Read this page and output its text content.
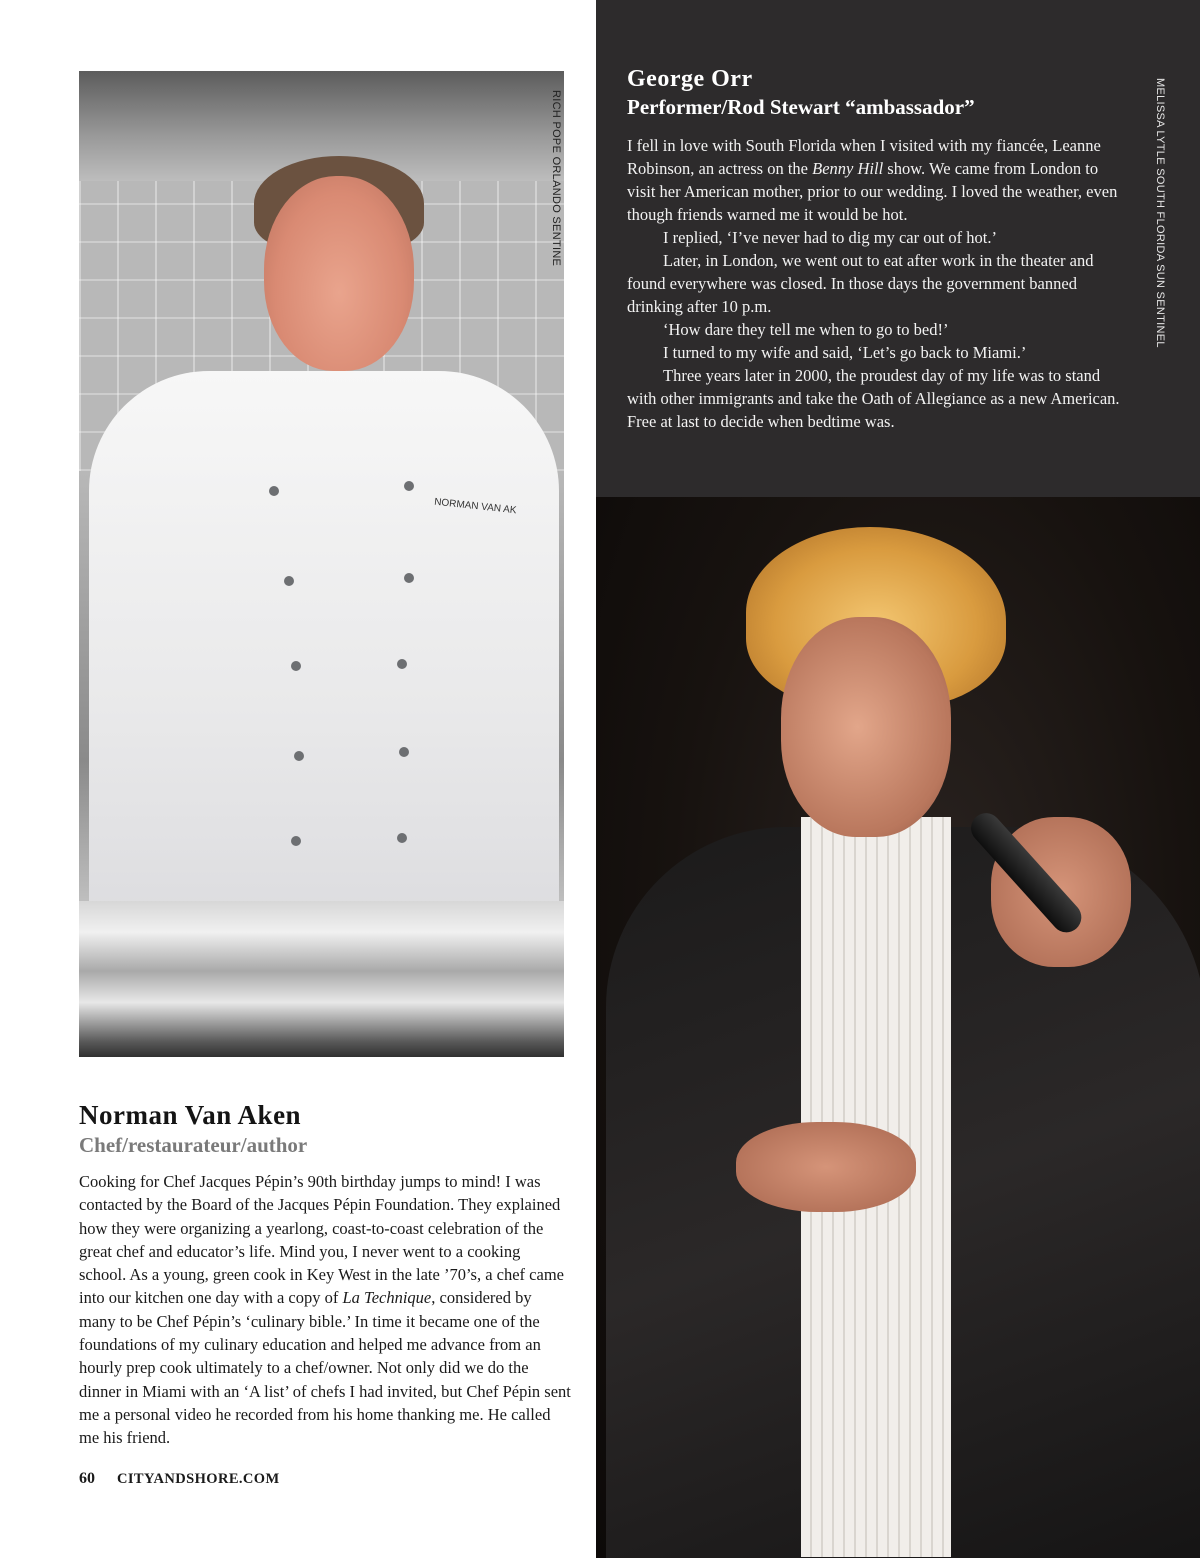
NORMAN VAN AK
RICH POPE ORLANDO SENTINE
Norman Van Aken
Chef/restaurateur/author

Cooking for Chef Jacques Pépin’s 90th birthday jumps to mind! I was contacted by the Board of the Jacques Pépin Foundation. They explained how they were organizing a yearlong, coast-to-coast celebration of the great chef and educator’s life. Mind you, I never went to a cooking school. As a young, green cook in Key West in the late ’70’s, a chef came into our kitchen one day with a copy of La Technique, considered by many to be Chef Pépin’s ‘culinary bible.’ In time it became one of the foundations of my culinary education and helped me advance from an hourly prep cook ultimately to a chef/owner. Not only did we do the dinner in Miami with an ‘A list’ of chefs I had invited, but Chef Pépin sent me a personal video he recorded from his home thanking me. He called me his friend.

60 CITYANDSHORE.COM
George Orr
Performer/Rod Stewart “ambassador”

I fell in love with South Florida when I visited with my fiancée, Leanne Robinson, an actress on the Benny Hill show. We came from London to visit her American mother, prior to our wedding. I loved the weather, even though friends warned me it would be hot.

I replied, ‘I’ve never had to dig my car out of hot.’

Later, in London, we went out to eat after work in the theater and found everywhere was closed. In those days the government banned drinking after 10 p.m.

‘How dare they tell me when to go to bed!’

I turned to my wife and said, ‘Let’s go back to Miami.’

Three years later in 2000, the proudest day of my life was to stand with other immigrants and take the Oath of Allegiance as a new American. Free at last to decide when bedtime was.

MELISSA LYTLE SOUTH FLORIDA SUN SENTINEL
